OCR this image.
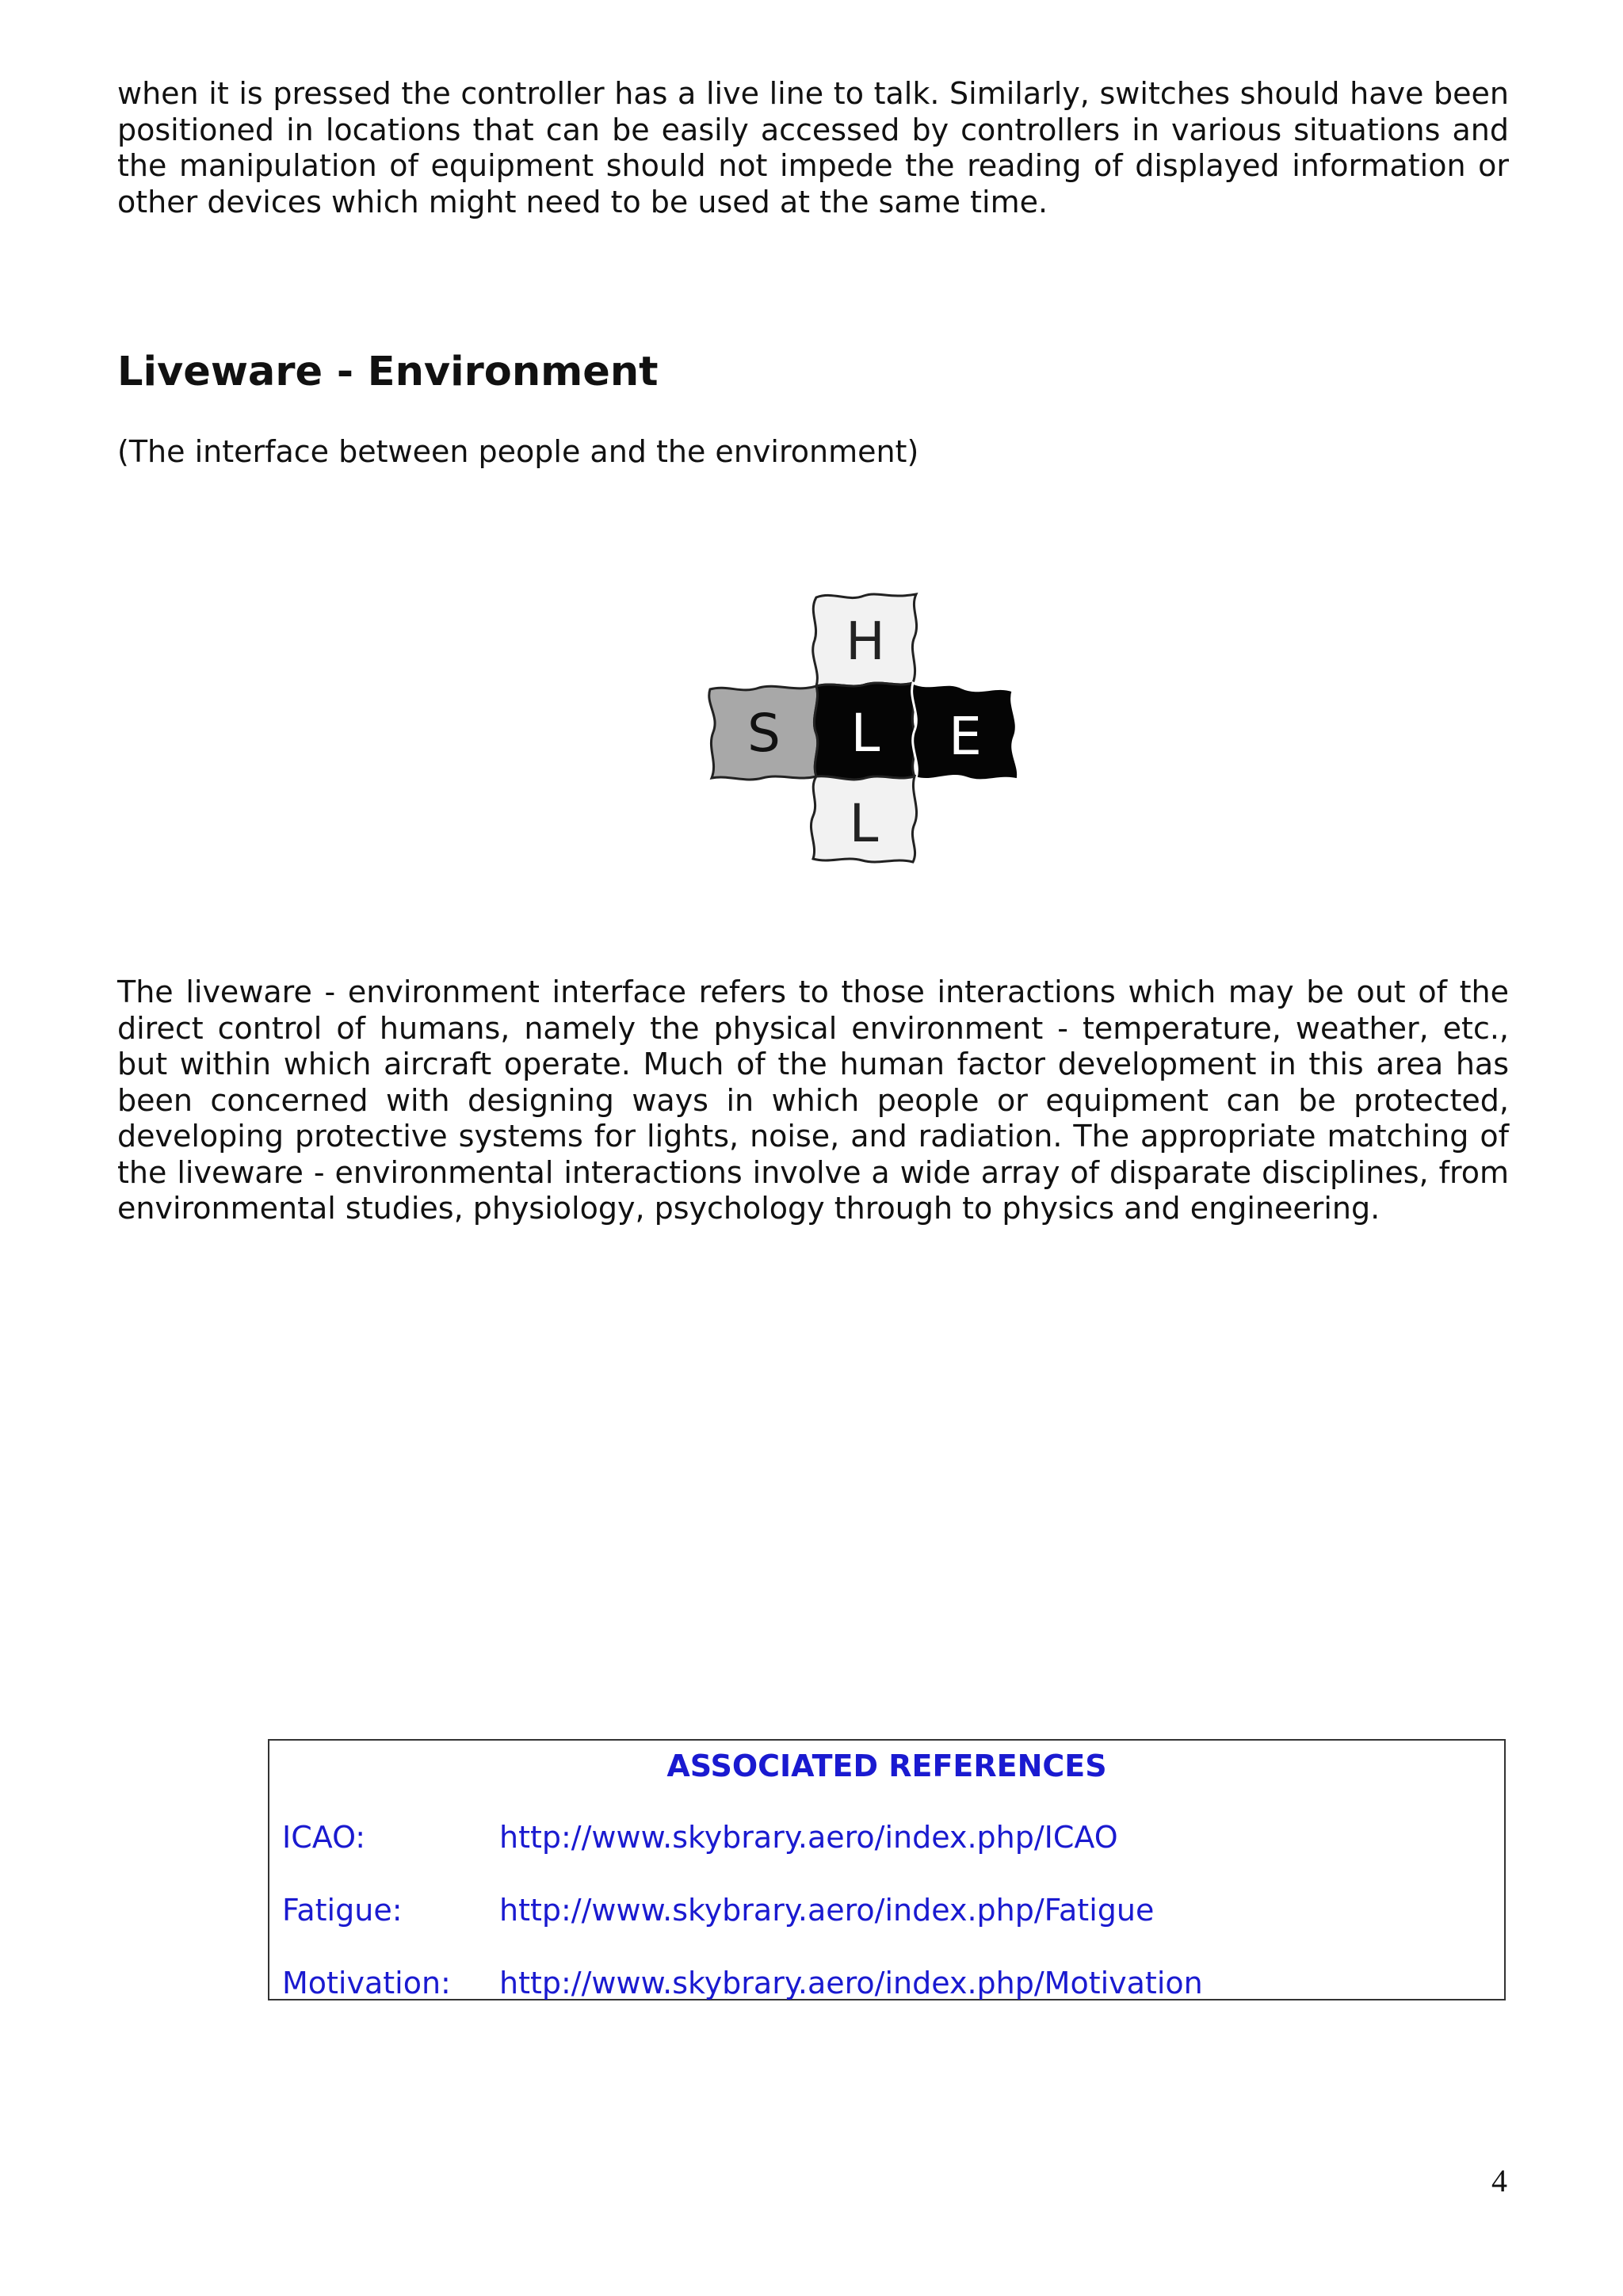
when it is pressed the controller has a live line to talk. Similarly, switches should have been positioned in locations that can be easily accessed by controllers in various situations and the manipulation of equipment should not impede the reading of displayed information or other devices which might need to be used at the same time.

Liveware - Environment

(The interface between people and the environment)

H
S L E
L

The liveware - environment interface refers to those interactions which may be out of the direct control of humans, namely the physical environment - temperature, weather, etc., but within which aircraft operate. Much of the human factor development in this area has been concerned with designing ways in which people or equipment can be protected, developing protective systems for lights, noise, and radiation. The appropriate matching of the liveware - environmental interactions involve a wide array of disparate disciplines, from environmental studies, physiology, psychology through to physics and engineering.

ASSOCIATED REFERENCES
ICAO:	http://www.skybrary.aero/index.php/ICAO
Fatigue:	http://www.skybrary.aero/index.php/Fatigue
Motivation: http://www.skybrary.aero/index.php/Motivation
4
